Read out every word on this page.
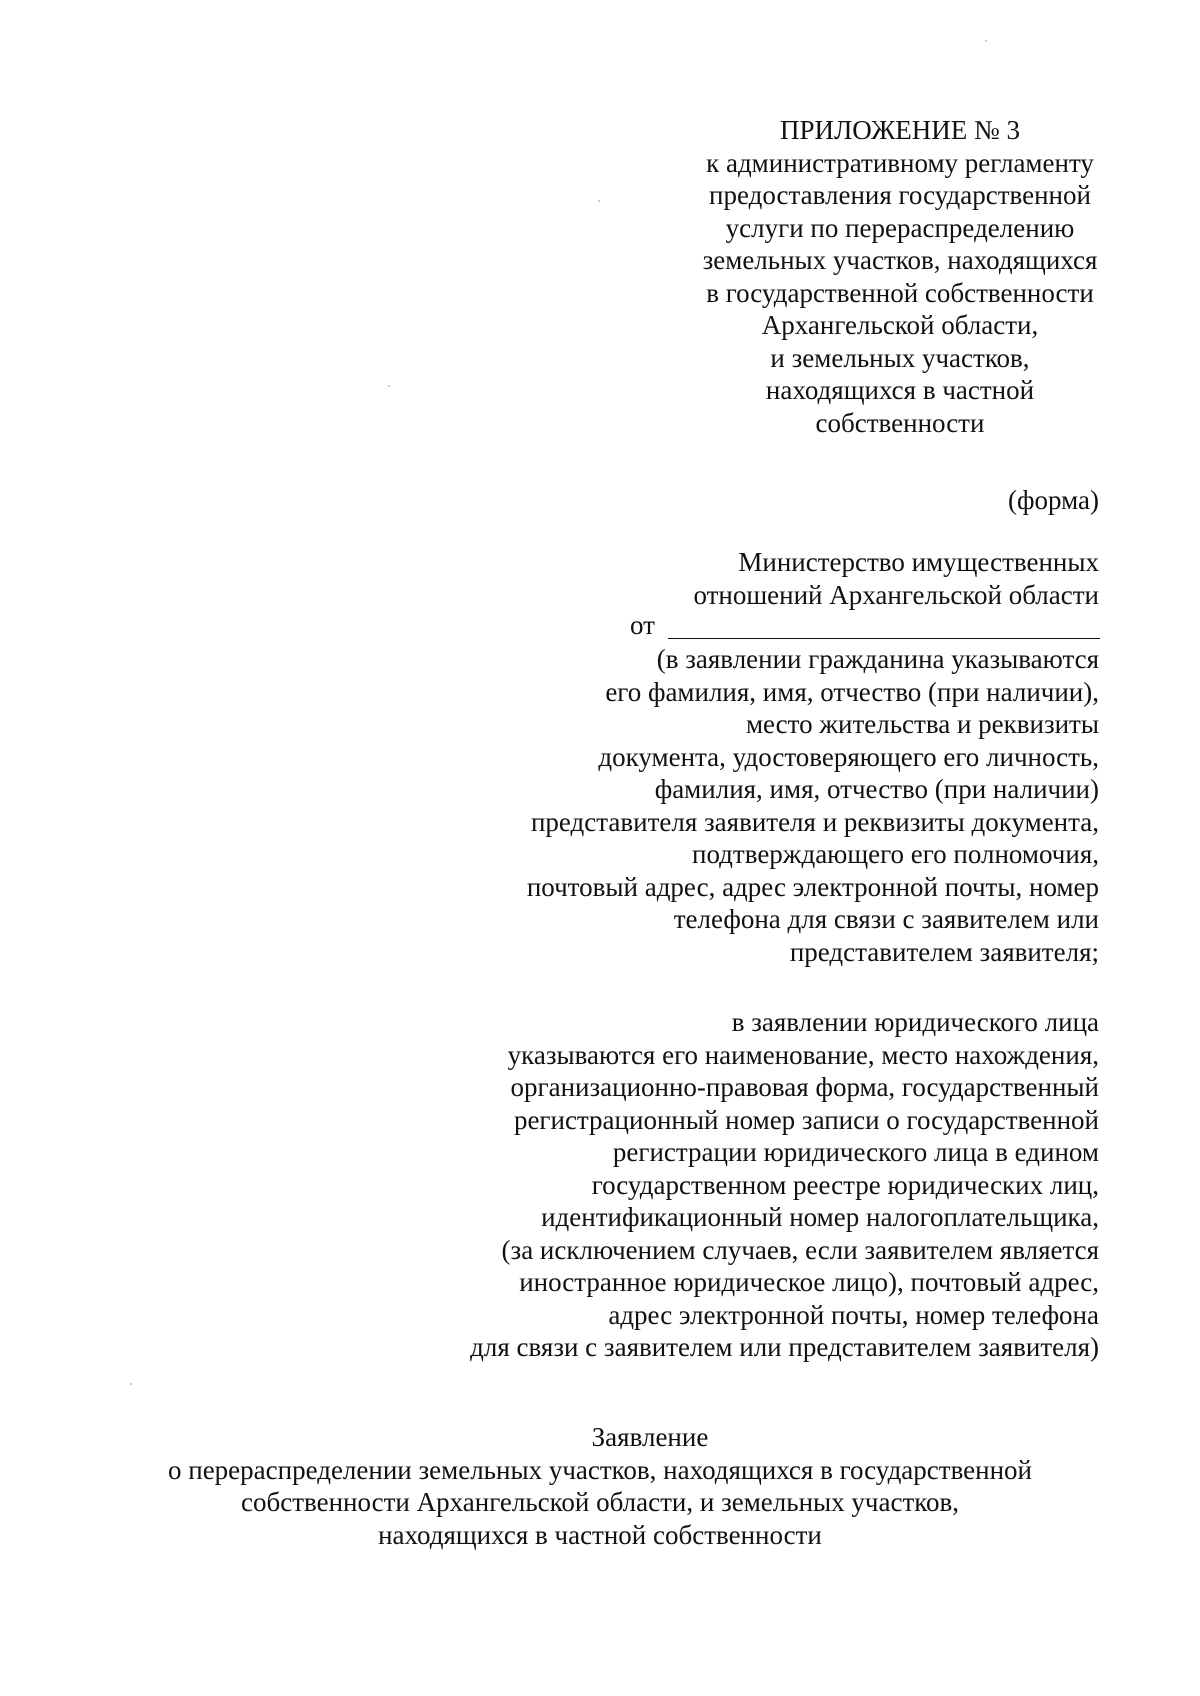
ПРИЛОЖЕНИЕ № 3
к административному регламенту
предоставления государственной
услуги по перераспределению
земельных участков, находящихся
в государственной собственности
Архангельской области,
и земельных участков,
находящихся в частной
собственности
(форма)
Министерство имущественных
отношений Архангельской области
от
(в заявлении гражданина указываются
его фамилия, имя, отчество (при наличии),
место жительства и реквизиты
документа, удостоверяющего его личность,
фамилия, имя, отчество (при наличии)
представителя заявителя и реквизиты документа,
подтверждающего его полномочия,
почтовый адрес, адрес электронной почты, номер
телефона для связи с заявителем или
представителем заявителя;
в заявлении юридического лица
указываются его наименование, место нахождения,
организационно-правовая форма, государственный
регистрационный номер записи о государственной
регистрации юридического лица в едином
государственном реестре юридических лиц,
идентификационный номер налогоплательщика,
(за исключением случаев, если заявителем является
иностранное юридическое лицо), почтовый адрес,
адрес электронной почты, номер телефона
для связи с заявителем или представителем заявителя)
Заявление
о перераспределении земельных участков, находящихся в государственной
собственности Архангельской области, и земельных участков,
находящихся в частной собственности
